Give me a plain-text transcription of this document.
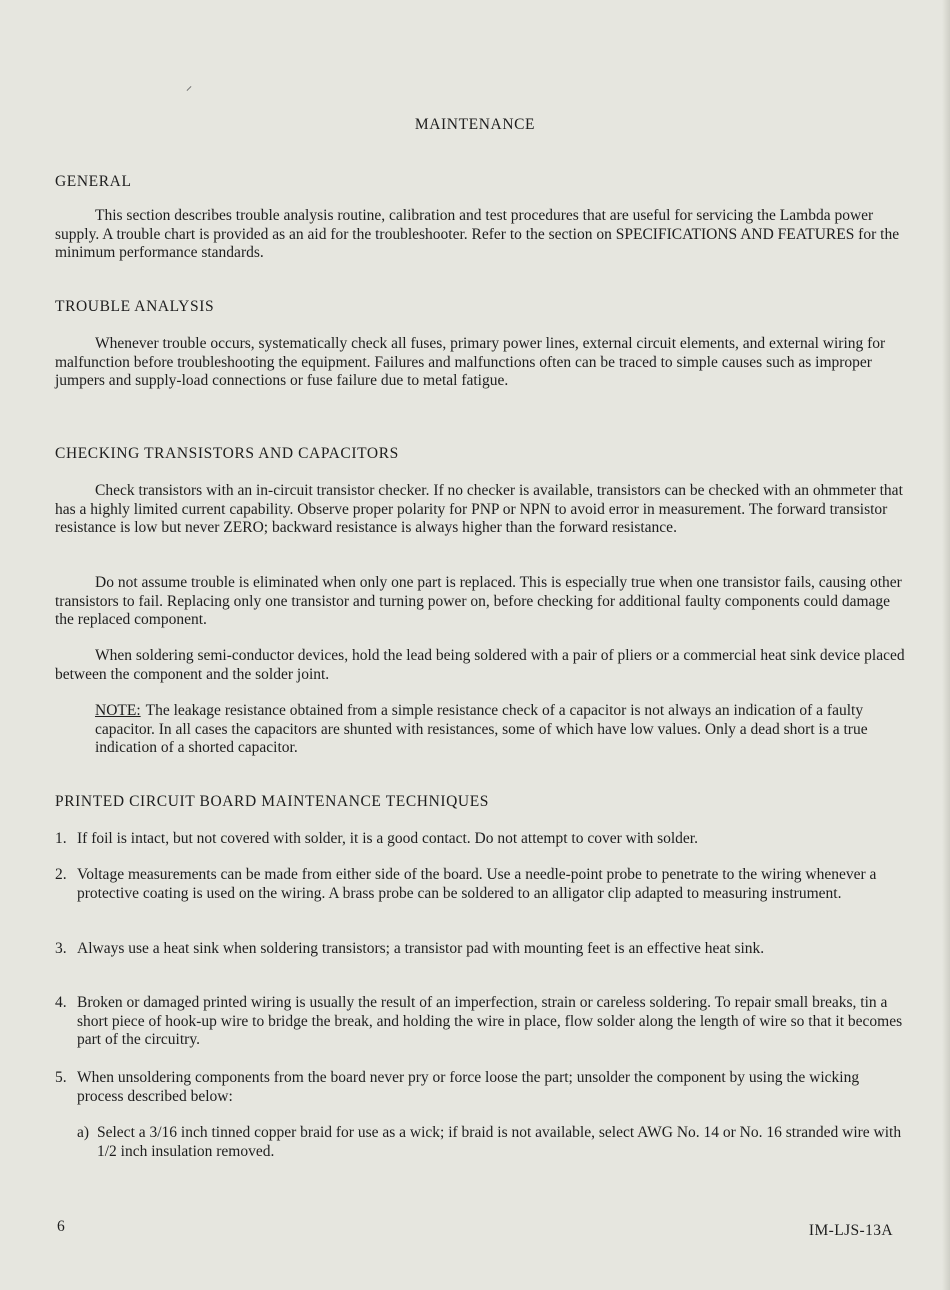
MAINTENANCE
GENERAL
This section describes trouble analysis routine, calibration and test procedures that are useful for servicing the Lambda power supply. A trouble chart is provided as an aid for the troubleshooter. Refer to the section on SPECIFICATIONS AND FEATURES for the minimum performance standards.
TROUBLE ANALYSIS
Whenever trouble occurs, systematically check all fuses, primary power lines, external circuit elements, and external wiring for malfunction before troubleshooting the equipment. Failures and malfunctions often can be traced to simple causes such as improper jumpers and supply-load connections or fuse failure due to metal fatigue.
CHECKING TRANSISTORS AND CAPACITORS
Check transistors with an in-circuit transistor checker. If no checker is available, transistors can be checked with an ohmmeter that has a highly limited current capability. Observe proper polarity for PNP or NPN to avoid error in measurement. The forward transistor resistance is low but never ZERO; backward resistance is always higher than the forward resistance.
Do not assume trouble is eliminated when only one part is replaced. This is especially true when one transistor fails, causing other transistors to fail. Replacing only one transistor and turning power on, before checking for additional faulty components could damage the replaced component.
When soldering semi-conductor devices, hold the lead being soldered with a pair of pliers or a commercial heat sink device placed between the component and the solder joint.
NOTE: The leakage resistance obtained from a simple resistance check of a capacitor is not always an indication of a faulty capacitor. In all cases the capacitors are shunted with resistances, some of which have low values. Only a dead short is a true indication of a shorted capacitor.
PRINTED CIRCUIT BOARD MAINTENANCE TECHNIQUES
1. If foil is intact, but not covered with solder, it is a good contact. Do not attempt to cover with solder.
2. Voltage measurements can be made from either side of the board. Use a needle-point probe to penetrate to the wiring whenever a protective coating is used on the wiring. A brass probe can be soldered to an alligator clip adapted to measuring instrument.
3. Always use a heat sink when soldering transistors; a transistor pad with mounting feet is an effective heat sink.
4. Broken or damaged printed wiring is usually the result of an imperfection, strain or careless soldering. To repair small breaks, tin a short piece of hook-up wire to bridge the break, and holding the wire in place, flow solder along the length of wire so that it becomes part of the circuitry.
5. When unsoldering components from the board never pry or force loose the part; unsolder the component by using the wicking process described below:
a) Select a 3/16 inch tinned copper braid for use as a wick; if braid is not available, select AWG No. 14 or No. 16 stranded wire with 1/2 inch insulation removed.
6	IM-LJS-13A
